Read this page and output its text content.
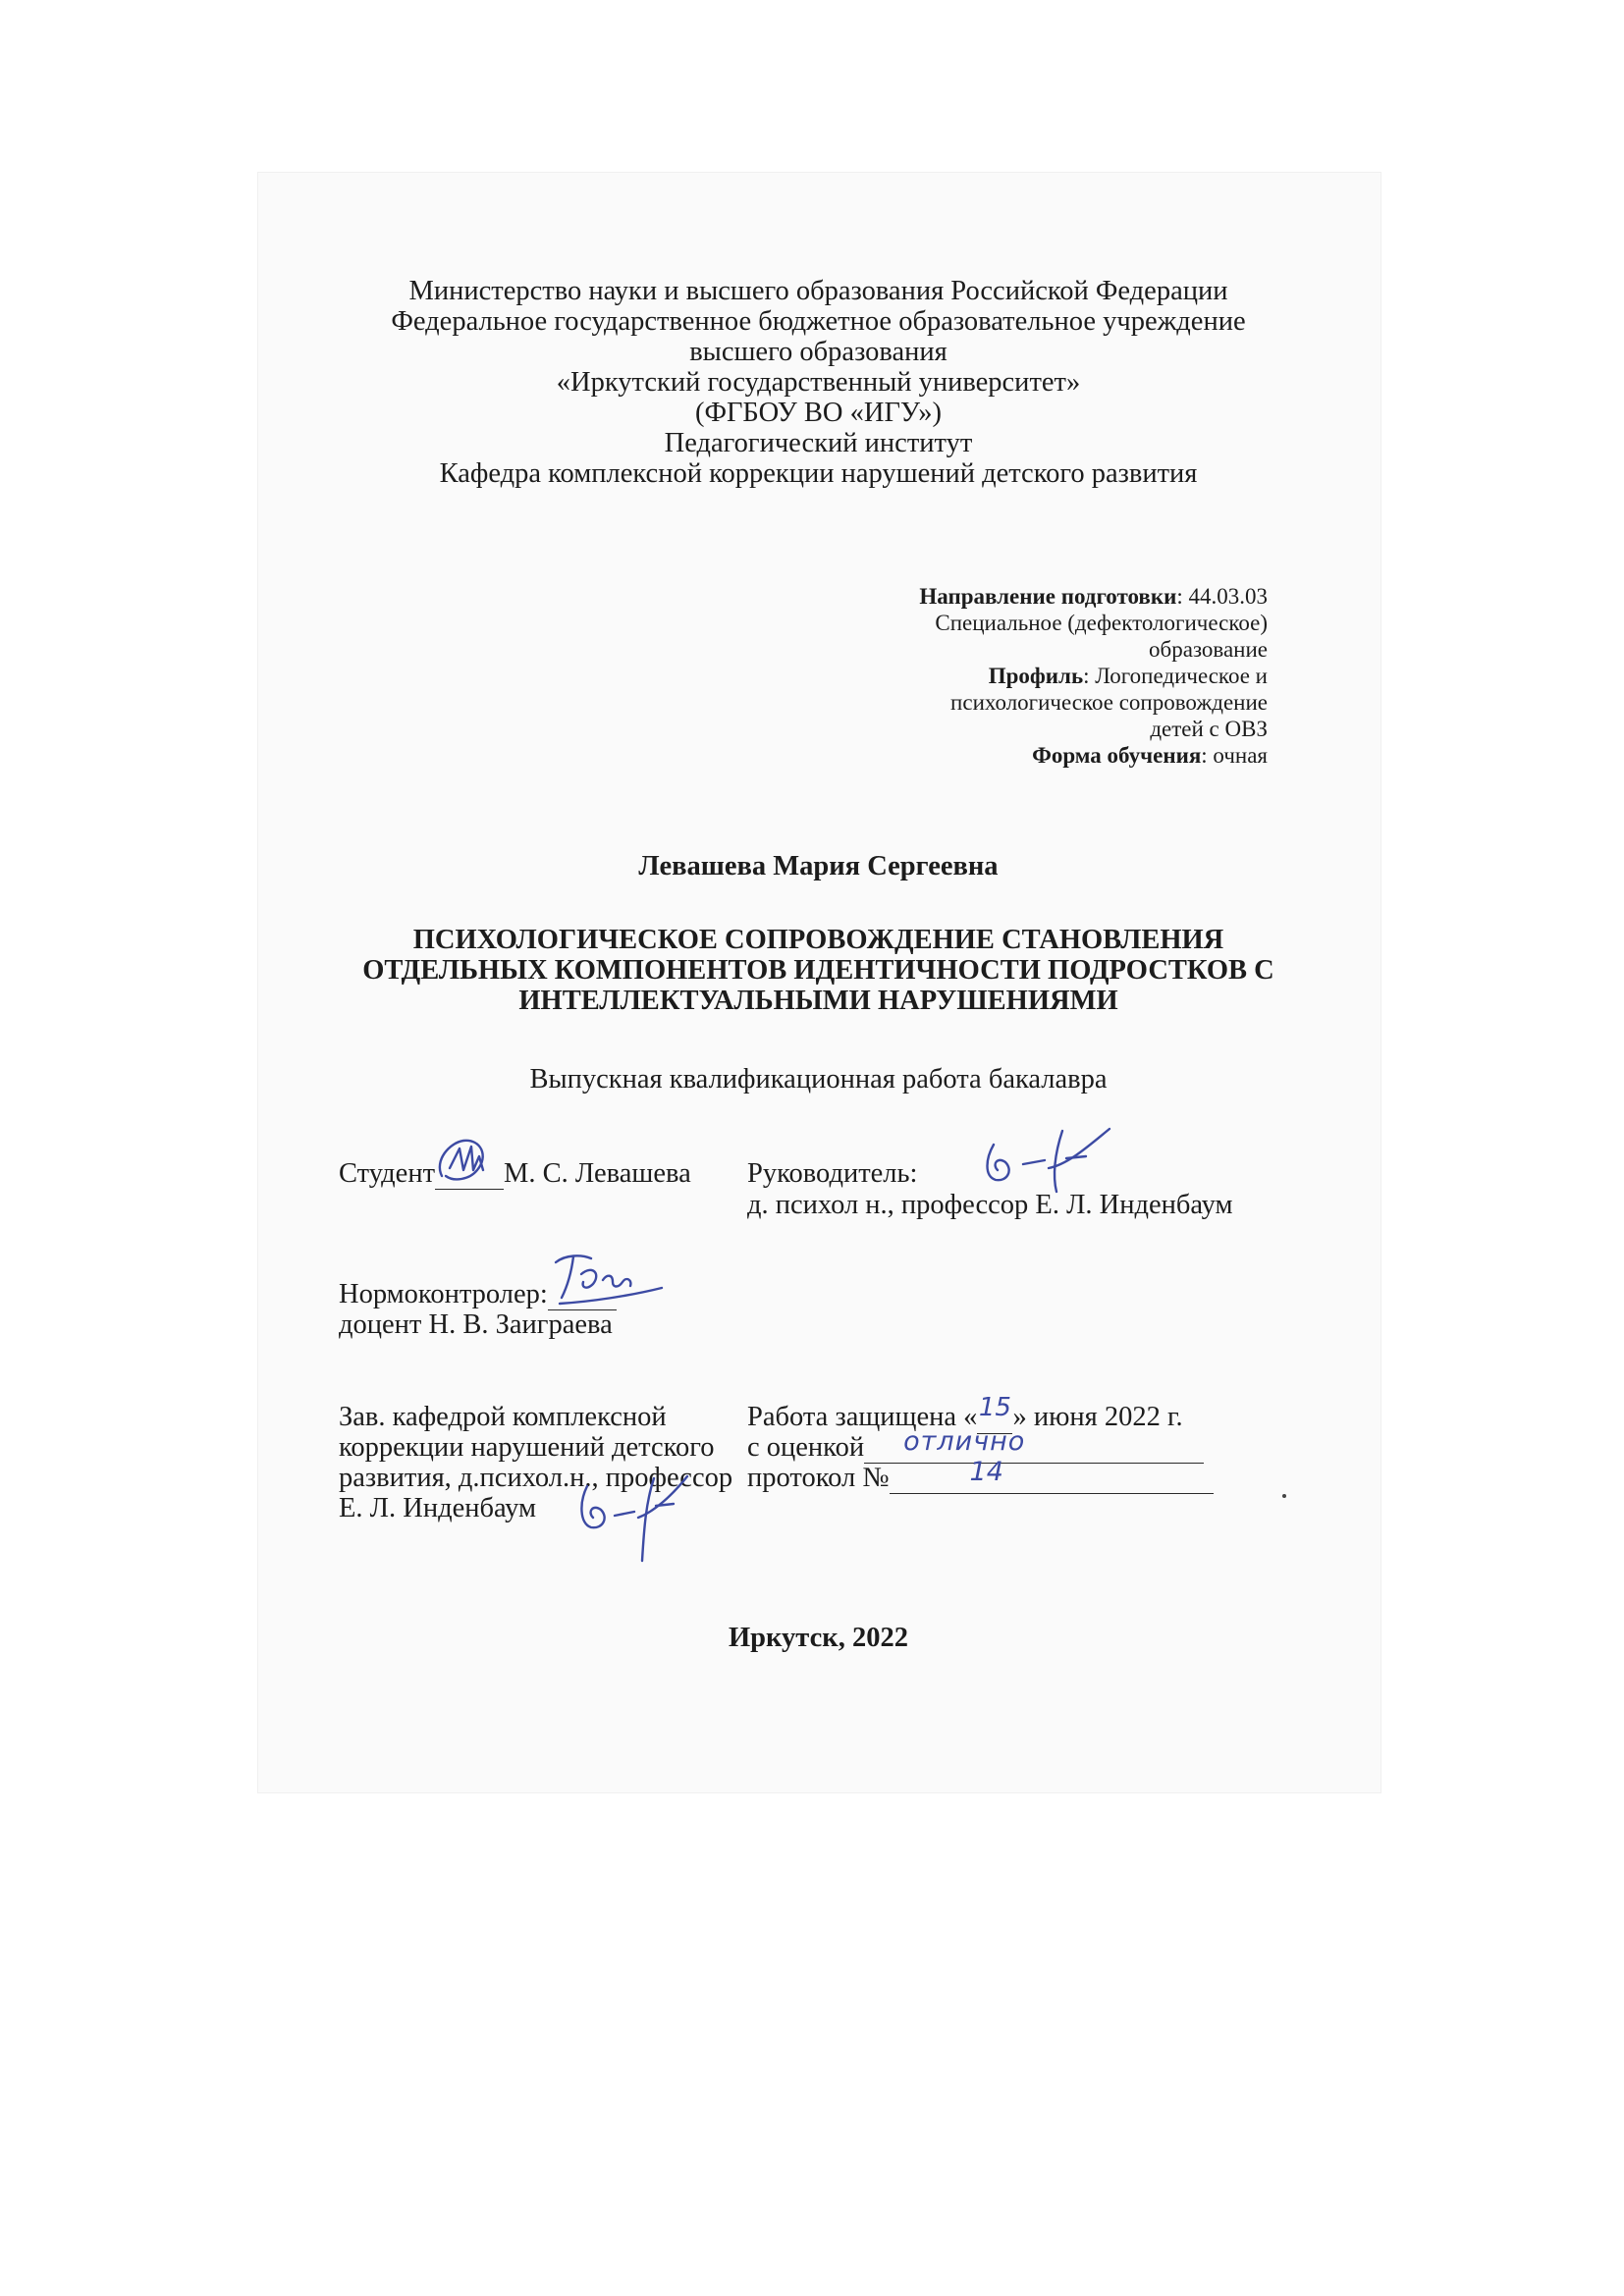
Министерство науки и высшего образования Российской Федерации
Федеральное государственное бюджетное образовательное учреждение
высшего образования
«Иркутский государственный университет»
(ФГБОУ ВО «ИГУ»)
Педагогический институт
Кафедра комплексной коррекции нарушений детского развития
Направление подготовки: 44.03.03
Специальное (дефектологическое)
образование
Профиль: Логопедическое и
психологическое сопровождение
детей с ОВЗ
Форма обучения: очная
Левашева Мария Сергеевна
ПСИХОЛОГИЧЕСКОЕ СОПРОВОЖДЕНИЕ СТАНОВЛЕНИЯ
ОТДЕЛЬНЫХ КОМПОНЕНТОВ ИДЕНТИЧНОСТИ ПОДРОСТКОВ С
ИНТЕЛЛЕКТУАЛЬНЫМИ НАРУШЕНИЯМИ
Выпускная квалификационная работа бакалавра
Студент М. С. Левашева Руководитель:
д. психол н., профессор Е. Л. Инденбаум
Нормоконтролер:
доцент Н. В. Заиграева
Зав. кафедрой комплексной
коррекции нарушений детского
развития, д.психол.н., профессор
Е. Л. Инденбаум
Работа защищена «15» июня 2022 г.
с оценкой отлично
протокол №	14
Иркутск, 2022
